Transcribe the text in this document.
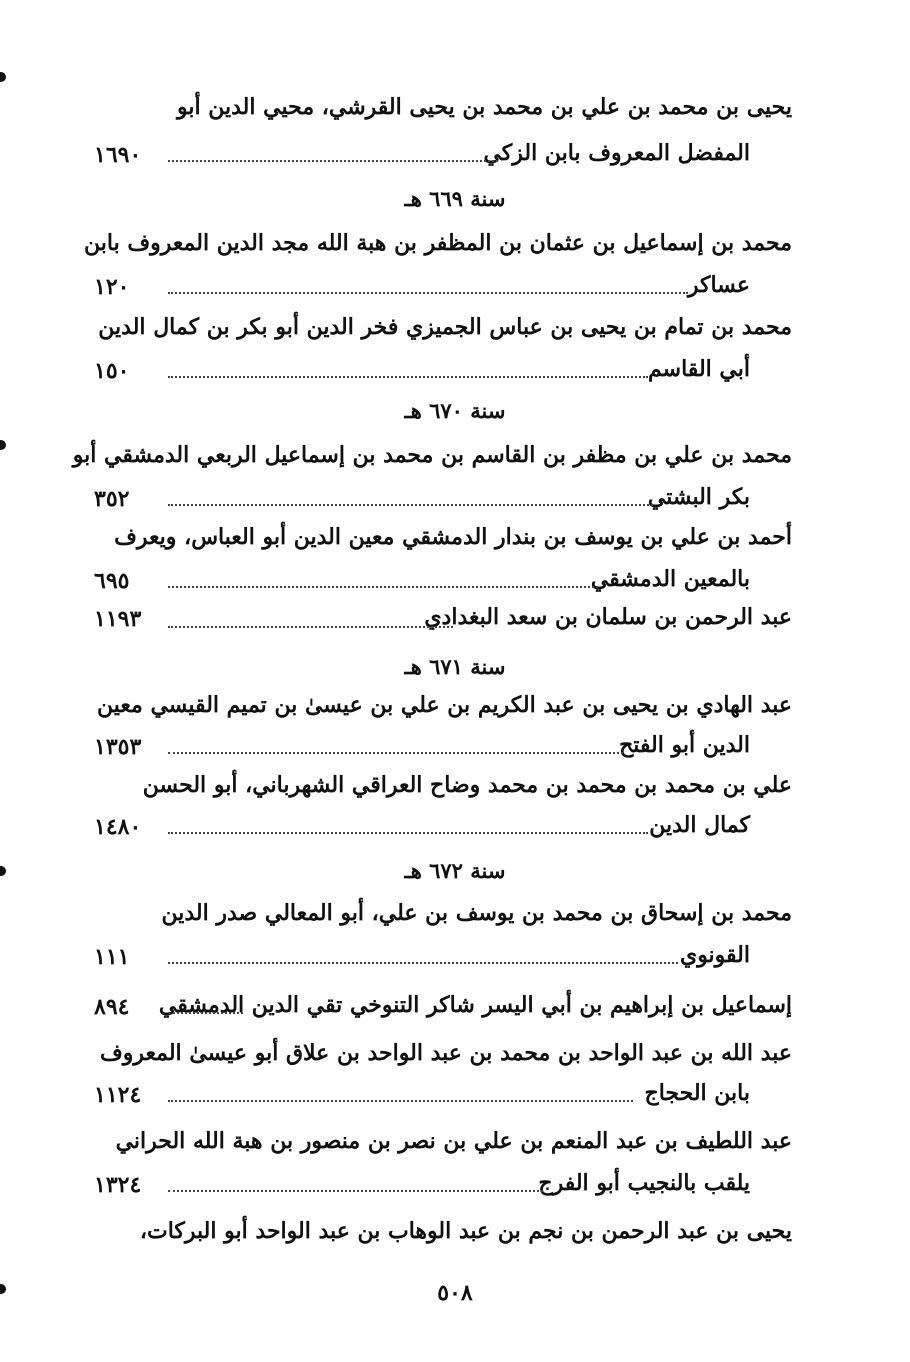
يحيى بن محمد بن علي بن محمد بن يحيى القرشي، محيي الدين أبو
المفضل المعروف بابن الزكي
١٦٩٠
سنة ٦٦٩ هـ
محمد بن إسماعيل بن عثمان بن المظفر بن هبة الله مجد الدين المعروف بابن
عساكر
١٢٠
محمد بن تمام بن يحيى بن عباس الجميزي فخر الدين أبو بكر بن كمال الدين
أبي القاسم
١٥٠
سنة ٦٧٠ هـ
محمد بن علي بن مظفر بن القاسم بن محمد بن إسماعيل الربعي الدمشقي أبو
بكر البشتي
٣٥٢
أحمد بن علي بن يوسف بن بندار الدمشقي معين الدين أبو العباس، ويعرف
بالمعين الدمشقي
٦٩٥
عبد الرحمن بن سلمان بن سعد البغدادي
١١٩٣
سنة ٦٧١ هـ
عبد الهادي بن يحيى بن عبد الكريم بن علي بن عيسىٰ بن تميم القيسي معين
الدين أبو الفتح
١٣٥٣
علي بن محمد بن محمد بن محمد وضاح العراقي الشهرباني، أبو الحسن
كمال الدين
١٤٨٠
سنة ٦٧٢ هـ
محمد بن إسحاق بن محمد بن يوسف بن علي، أبو المعالي صدر الدين
القونوي
١١١
إسماعيل بن إبراهيم بن أبي اليسر شاكر التنوخي تقي الدين الدمشقي
٨٩٤
عبد الله بن عبد الواحد بن محمد بن عبد الواحد بن علاق أبو عيسىٰ المعروف
بابن الحجاج
١١٢٤
عبد اللطيف بن عبد المنعم بن علي بن نصر بن منصور بن هبة الله الحراني
يلقب بالنجيب أبو الفرج
١٣٢٤
يحيى بن عبد الرحمن بن نجم بن عبد الوهاب بن عبد الواحد أبو البركات،
٥٠٨
